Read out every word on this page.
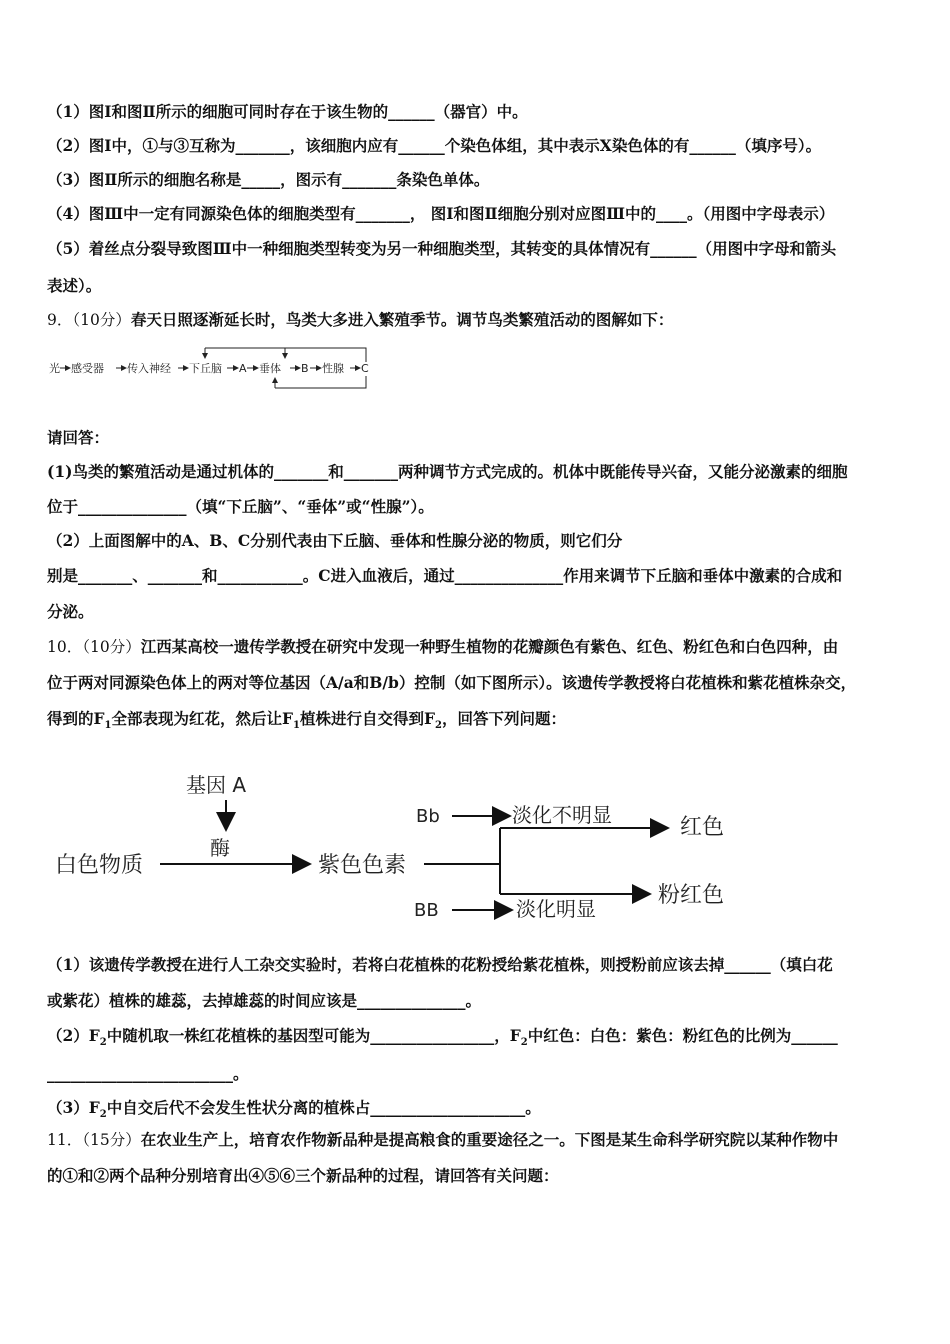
（1）图Ⅰ和图Ⅱ所示的细胞可同时存在于该生物的______（器官）中。
（2）图Ⅰ中，①与③互称为_______，该细胞内应有______个染色体组，其中表示X染色体的有______（填序号）。
（3）图Ⅱ所示的细胞名称是_____，图示有_______条染色单体。
（4）图Ⅲ中一定有同源染色体的细胞类型有_______， 图Ⅰ和图Ⅱ细胞分别对应图Ⅲ中的____。（用图中字母表示）
（5）着丝点分裂导致图Ⅲ中一种细胞类型转变为另一种细胞类型，其转变的具体情况有______（用图中字母和箭头
表述）。
9．（10分）春天日照逐渐延长时，鸟类大多进入繁殖季节。调节鸟类繁殖活动的图解如下：
光 感受器 传入神经 下丘脑 A 垂体 B 性腺 C
请回答：
(1)鸟类的繁殖活动是通过机体的_______和_______两种调节方式完成的。机体中既能传导兴奋，又能分泌激素的细胞
位于______________（填“下丘脑”、“垂体”或“性腺”）。
（2）上面图解中的A、B、C分别代表由下丘脑、垂体和性腺分泌的物质，则它们分
别是_______、_______和___________。C进入血液后，通过______________作用来调节下丘脑和垂体中激素的合成和
分泌。
10．（10分）江西某高校一遗传学教授在研究中发现一种野生植物的花瓣颜色有紫色、红色、粉红色和白色四种，由
位于两对同源染色体上的两对等位基因（A/a和B/b）控制（如下图所示）。该遗传学教授将白花植株和紫花植株杂交，
得到的$F_1$全部表现为红花，然后让$F_1$植株进行自交得到$F_2$，回答下列问题：
基因 A
酶
白色物质	紫色色素
Bb	淡化不明显	红色
BB	淡化明显
粉红色
（1）该遗传学教授在进行人工杂交实验时，若将白花植株的花粉授给紫花植株，则授粉前应该去掉______（填白花
或紫花）植株的雄蕊，去掉雄蕊的时间应该是______________。
$(2)F_2$中随机取一株红花植株的基因型可能为________________，$F_2$中红色：白色：紫色：粉红色的比例为______
________________________。
$(3)F_2$中自交后代不会发生性状分离的植株占____________________。
11．（15分）在农业生产上，培育农作物新品种是提高粮食的重要途径之一。下图是某生命科学研究院以某种作物中
的①和②两个品种分别培育出④⑤⑥三个新品种的过程，请回答有关问题：
